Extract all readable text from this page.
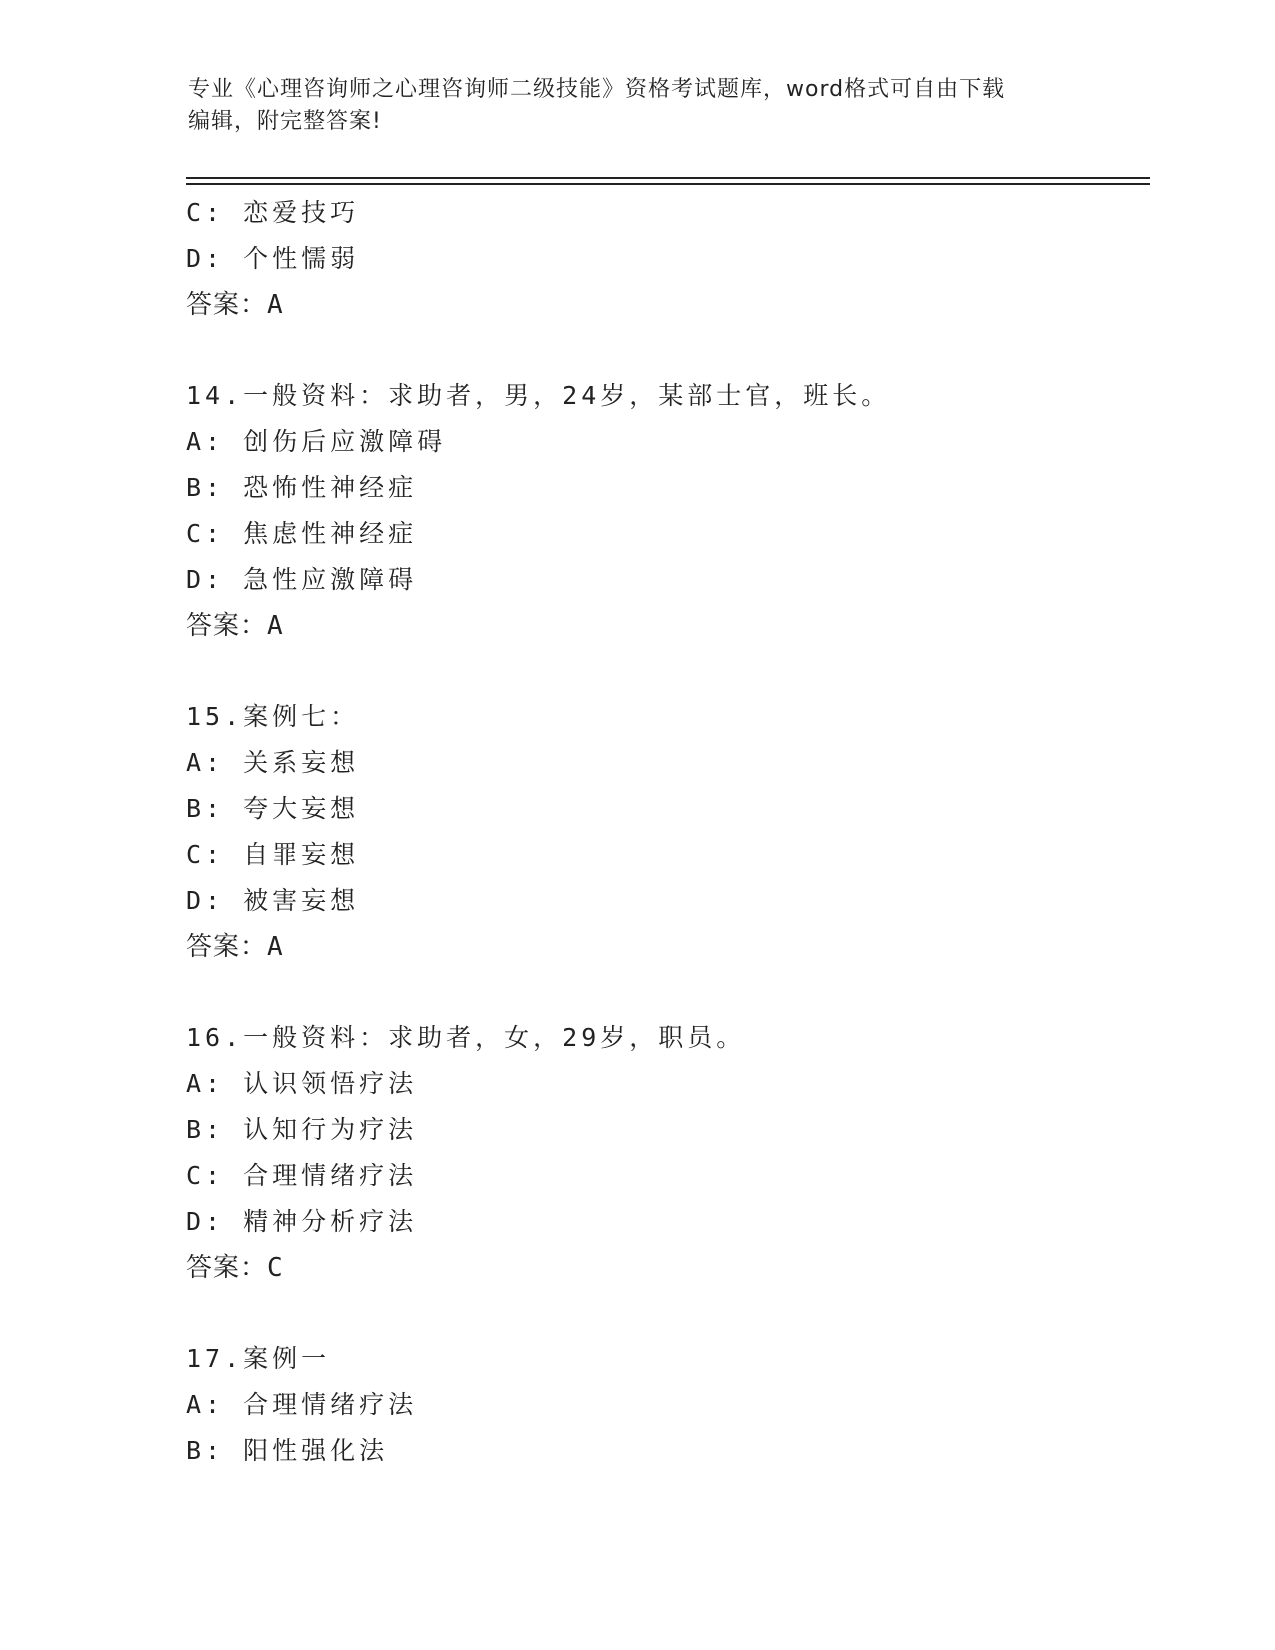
专业《心理咨询师之心理咨询师二级技能》资格考试题库，word格式可自由下载
编辑，附完整答案!
C: 恋爱技巧
D: 个性懦弱
答案：A
14.一般资料：求助者，男，24岁，某部士官，班长。
A: 创伤后应激障碍
B: 恐怖性神经症
C: 焦虑性神经症
D: 急性应激障碍
答案：A
15.案例七：
A: 关系妄想
B: 夸大妄想
C: 自罪妄想
D: 被害妄想
答案：A
16.一般资料：求助者，女，29岁，职员。
A: 认识领悟疗法
B: 认知行为疗法
C: 合理情绪疗法
D: 精神分析疗法
答案：C
17.案例一
A: 合理情绪疗法
B: 阳性强化法
